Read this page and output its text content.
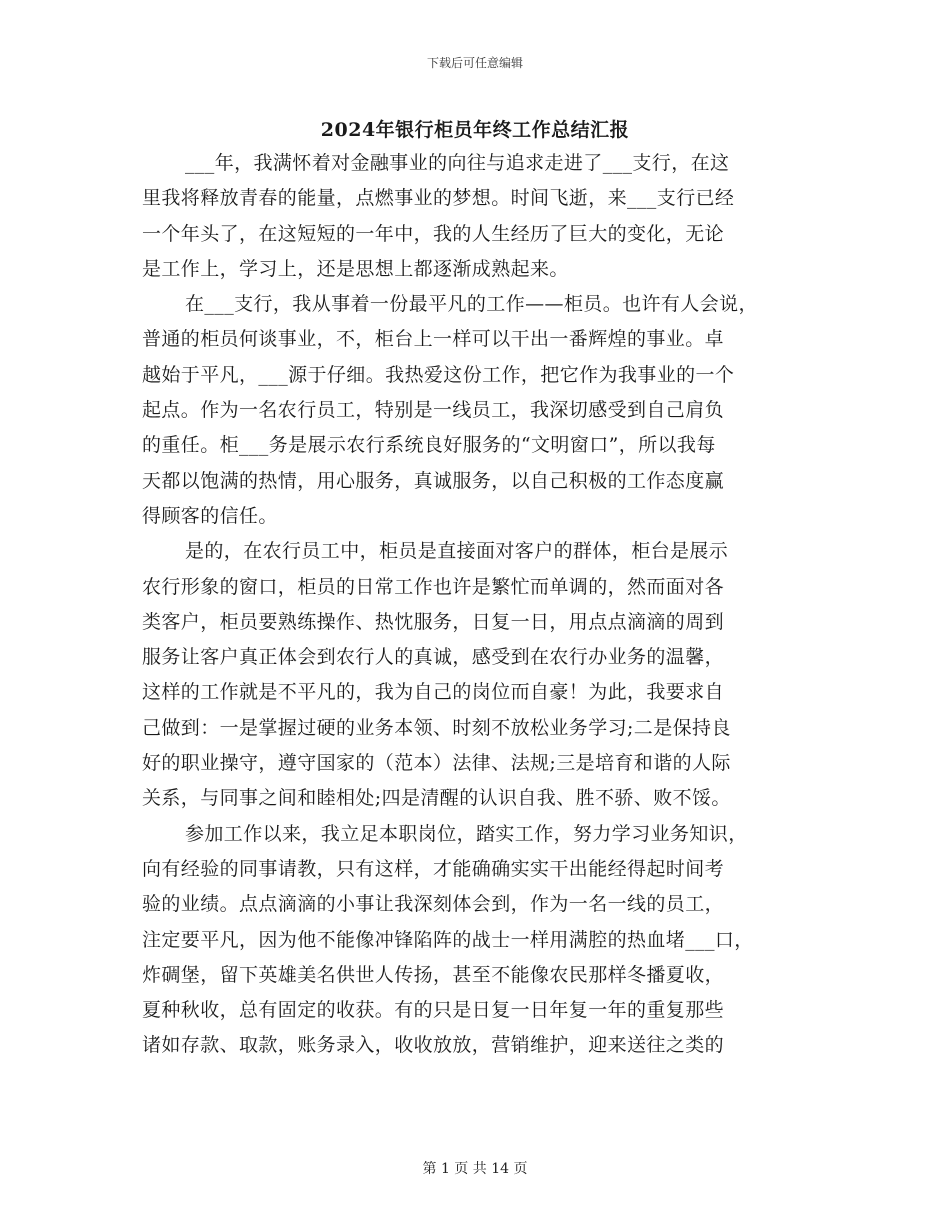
下载后可任意编辑
2024年银行柜员年终工作总结汇报
___年，我满怀着对金融事业的向往与追求走进了___支行，在这
里我将释放青春的能量，点燃事业的梦想。时间飞逝，来___支行已经
一个年头了，在这短短的一年中，我的人生经历了巨大的变化，无论
是工作上，学习上，还是思想上都逐渐成熟起来。
在___支行，我从事着一份最平凡的工作——柜员。也许有人会说，
普通的柜员何谈事业，不，柜台上一样可以干出一番辉煌的事业。卓
越始于平凡，___源于仔细。我热爱这份工作，把它作为我事业的一个
起点。作为一名农行员工，特别是一线员工，我深切感受到自己肩负
的重任。柜___务是展示农行系统良好服务的“文明窗口”，所以我每
天都以饱满的热情，用心服务，真诚服务，以自己积极的工作态度赢
得顾客的信任。
是的，在农行员工中，柜员是直接面对客户的群体，柜台是展示
农行形象的窗口，柜员的日常工作也许是繁忙而单调的，然而面对各
类客户，柜员要熟练操作、热忱服务，日复一日，用点点滴滴的周到
服务让客户真正体会到农行人的真诚，感受到在农行办业务的温馨，
这样的工作就是不平凡的，我为自己的岗位而自豪！为此，我要求自
己做到：一是掌握过硬的业务本领、时刻不放松业务学习;二是保持良
好的职业操守，遵守国家的（范本）法律、法规;三是培育和谐的人际
关系，与同事之间和睦相处;四是清醒的认识自我、胜不骄、败不馁。
参加工作以来，我立足本职岗位，踏实工作，努力学习业务知识，
向有经验的同事请教，只有这样，才能确确实实干出能经得起时间考
验的业绩。点点滴滴的小事让我深刻体会到，作为一名一线的员工，
注定要平凡，因为他不能像冲锋陷阵的战士一样用满腔的热血堵___口，
炸碉堡，留下英雄美名供世人传扬，甚至不能像农民那样冬播夏收，
夏种秋收，总有固定的收获。有的只是日复一日年复一年的重复那些
诸如存款、取款，账务录入，收收放放，营销维护，迎来送往之类的
第 1 页 共 14 页
